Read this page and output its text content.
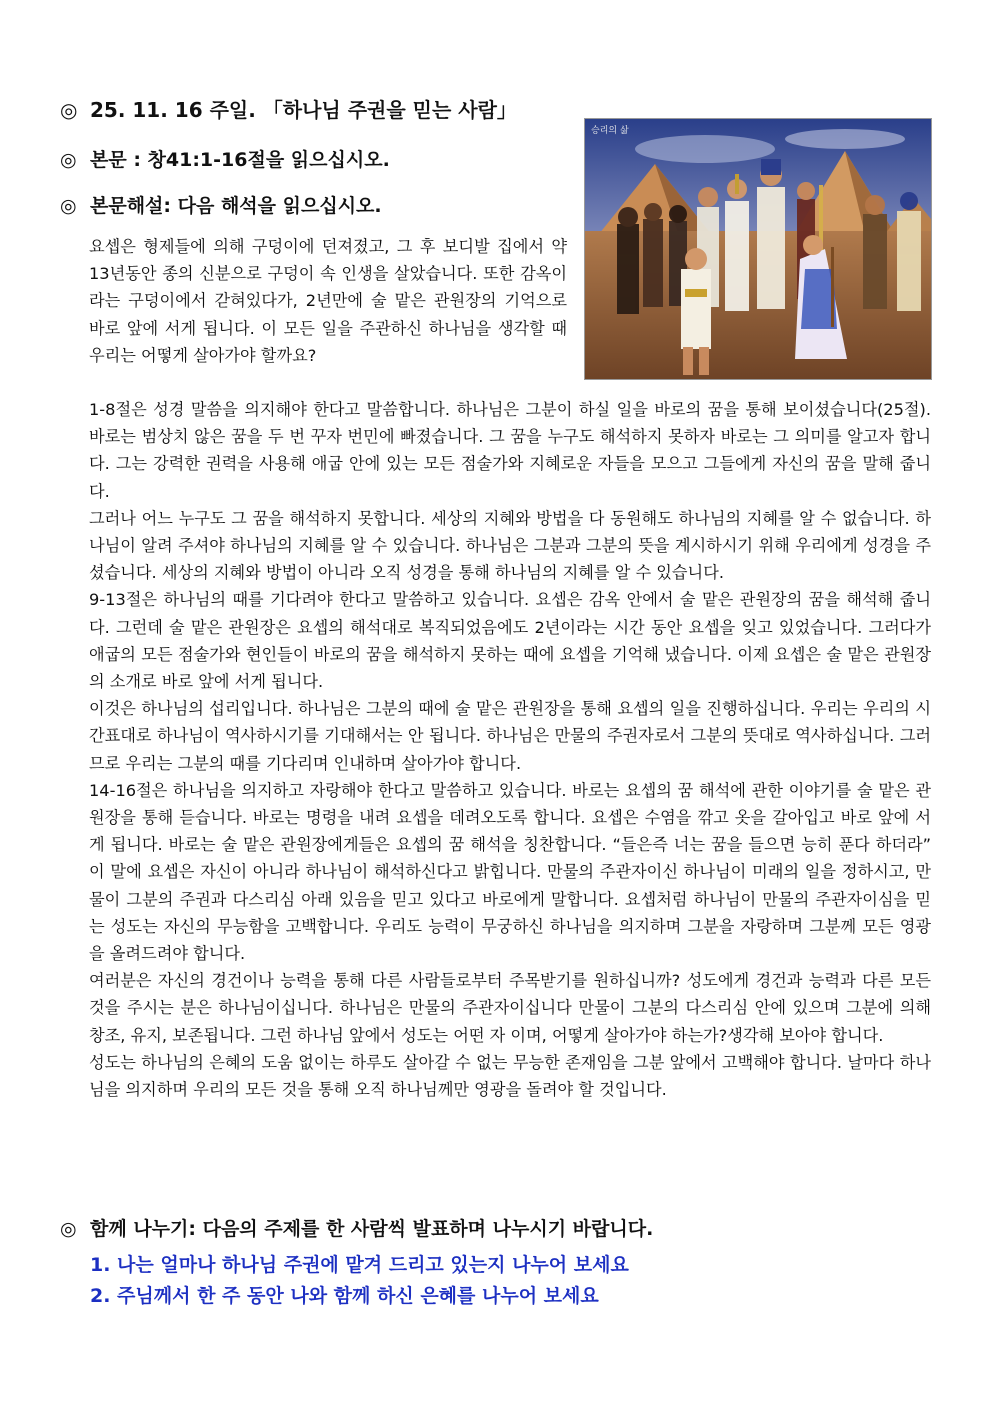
◎ 25. 11. 16 주일. 「하나님 주권을 믿는 사람」
◎ 본문 : 창41:1-16절을 읽으십시오.
◎ 본문해설: 다음 해석을 읽으십시오.
승리의 삶

요셉은 형제들에 의해 구덩이에 던져졌고, 그 후 보디발 집에서 약13년동안 종의 신분으로 구덩이 속 인생을 살았습니다. 또한 감옥이라는 구덩이에서 갇혀있다가, 2년만에 술 맡은 관원장의 기억으로 바로 앞에 서게 됩니다. 이 모든 일을 주관하신 하나님을 생각할 때 우리는 어떻게 살아가야 할까요?

1-8절은 성경 말씀을 의지해야 한다고 말씀합니다. 하나님은 그분이 하실 일을 바로의 꿈을 통해 보이셨습니다(25절). 바로는 범상치 않은 꿈을 두 번 꾸자 번민에 빠졌습니다. 그 꿈을 누구도 해석하지 못하자 바로는 그 의미를 알고자 합니다. 그는 강력한 권력을 사용해 애굽 안에 있는 모든 점술가와 지혜로운 자들을 모으고 그들에게 자신의 꿈을 말해 줍니다.

그러나 어느 누구도 그 꿈을 해석하지 못합니다. 세상의 지혜와 방법을 다 동원해도 하나님의 지혜를 알 수 없습니다. 하나님이 알려 주셔야 하나님의 지혜를 알 수 있습니다. 하나님은 그분과 그분의 뜻을 계시하시기 위해 우리에게 성경을 주셨습니다. 세상의 지혜와 방법이 아니라 오직 성경을 통해 하나님의 지혜를 알 수 있습니다.

9-13절은 하나님의 때를 기다려야 한다고 말씀하고 있습니다. 요셉은 감옥 안에서 술 맡은 관원장의 꿈을 해석해 줍니다. 그런데 술 맡은 관원장은 요셉의 해석대로 복직되었음에도 2년이라는 시간 동안 요셉을 잊고 있었습니다. 그러다가 애굽의 모든 점술가와 현인들이 바로의 꿈을 해석하지 못하는 때에 요셉을 기억해 냈습니다. 이제 요셉은 술 맡은 관원장의 소개로 바로 앞에 서게 됩니다.

이것은 하나님의 섭리입니다. 하나님은 그분의 때에 술 맡은 관원장을 통해 요셉의 일을 진행하십니다. 우리는 우리의 시간표대로 하나님이 역사하시기를 기대해서는 안 됩니다. 하나님은 만물의 주권자로서 그분의 뜻대로 역사하십니다. 그러므로 우리는 그분의 때를 기다리며 인내하며 살아가야 합니다.

14-16절은 하나님을 의지하고 자랑해야 한다고 말씀하고 있습니다. 바로는 요셉의 꿈 해석에 관한 이야기를 술 맡은 관원장을 통해 듣습니다. 바로는 명령을 내려 요셉을 데려오도록 합니다. 요셉은 수염을 깎고 옷을 갈아입고 바로 앞에 서게 됩니다. 바로는 술 맡은 관원장에게들은 요셉의 꿈 해석을 칭찬합니다. “들은즉 너는 꿈을 들으면 능히 푼다 하더라” 이 말에 요셉은 자신이 아니라 하나님이 해석하신다고 밝힙니다. 만물의 주관자이신 하나님이 미래의 일을 정하시고, 만물이 그분의 주권과 다스리심 아래 있음을 믿고 있다고 바로에게 말합니다. 요셉처럼 하나님이 만물의 주관자이심을 믿는 성도는 자신의 무능함을 고백합니다. 우리도 능력이 무궁하신 하나님을 의지하며 그분을 자랑하며 그분께 모든 영광을 올려드려야 합니다.

여러분은 자신의 경건이나 능력을 통해 다른 사람들로부터 주목받기를 원하십니까? 성도에게 경건과 능력과 다른 모든 것을 주시는 분은 하나님이십니다. 하나님은 만물의 주관자이십니다 만물이 그분의 다스리심 안에 있으며 그분에 의해 창조, 유지, 보존됩니다. 그런 하나님 앞에서 성도는 어떤 자 이며, 어떻게 살아가야 하는가?생각해 보아야 합니다.

성도는 하나님의 은혜의 도움 없이는 하루도 살아갈 수 없는 무능한 존재임을 그분 앞에서 고백해야 합니다. 날마다 하나님을 의지하며 우리의 모든 것을 통해 오직 하나님께만 영광을 돌려야 할 것입니다.

◎ 함께 나누기: 다음의 주제를 한 사람씩 발표하며 나누시기 바랍니다.

1. 나는 얼마나 하나님 주권에 맡겨 드리고 있는지 나누어 보세요

2. 주님께서 한 주 동안 나와 함께 하신 은혜를 나누어 보세요
